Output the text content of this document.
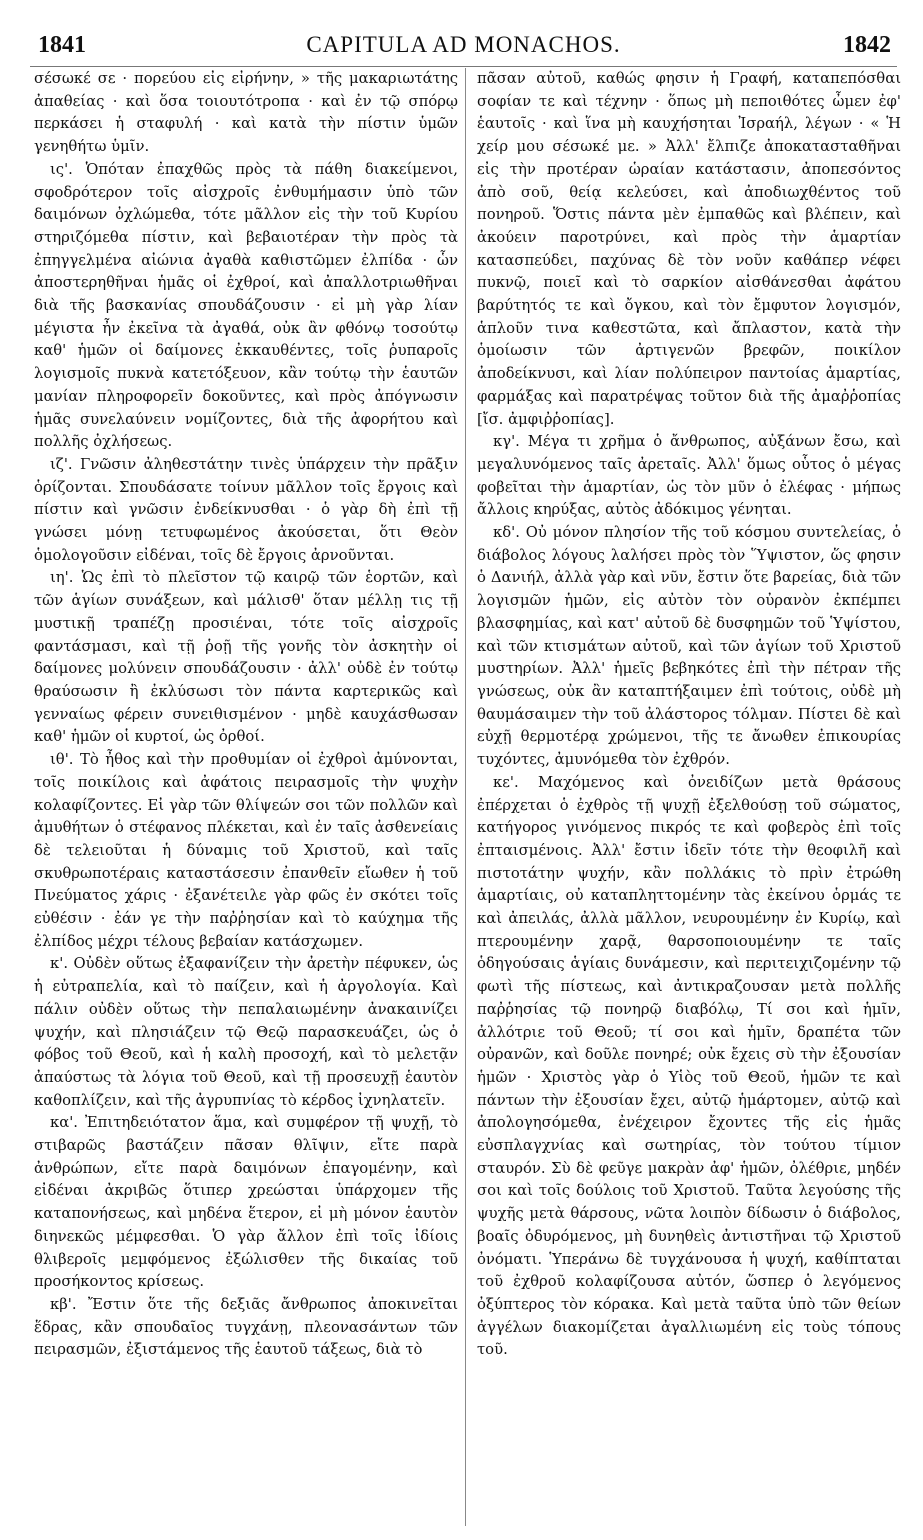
1841	CAPITULA AD MONACHOS.	1842

σέσωκέ σε · πορεύου εἰς εἰρήνην, » τῆς μακαριωτάτης ἀπαθείας · καὶ ὅσα τοιουτότροπα · καὶ ἐν τῷ σπόρῳ περκάσει ἡ σταφυλή · καὶ κατὰ τὴν πίστιν ὑμῶν γενηθήτω ὑμῖν.

ις'. Ὁπόταν ἐπαχθῶς πρὸς τὰ πάθη διακείμενοι, σφοδρότερον τοῖς αἰσχροῖς ἐνθυμήμασιν ὑπὸ τῶν δαιμόνων ὀχλώμεθα, τότε μᾶλλον εἰς τὴν τοῦ Κυρίου στηριζόμεθα πίστιν, καὶ βεβαιοτέραν τὴν πρὸς τὰ ἐπηγγελμένα αἰώνια ἀγαθὰ καθιστῶμεν ἐλπίδα · ὧν ἀποστερηθῆναι ἡμᾶς οἱ ἐχθροί, καὶ ἀπαλλοτριωθῆναι διὰ τῆς βασκανίας σπουδάζουσιν · εἰ μὴ γὰρ λίαν μέγιστα ἦν ἐκεῖνα τὰ ἀγαθά, οὐκ ἂν φθόνῳ τοσούτῳ καθ' ἡμῶν οἱ δαίμονες ἐκκαυθέντες, τοῖς ῥυπαροῖς λογισμοῖς πυκνὰ κατετόξευον, κἂν τούτῳ τὴν ἑαυτῶν μανίαν πληροφορεῖν δοκοῦντες, καὶ πρὸς ἀπόγνωσιν ἡμᾶς συνελαύνειν νομίζοντες, διὰ τῆς ἀφορήτου καὶ πολλῆς ὀχλήσεως.

ιζ'. Γνῶσιν ἀληθεστάτην τινὲς ὑπάρχειν τὴν πρᾶξιν ὁρίζονται. Σπουδάσατε τοίνυν μᾶλλον τοῖς ἔργοις καὶ πίστιν καὶ γνῶσιν ἐνδείκνυσθαι · ὁ γὰρ δὴ ἐπὶ τῇ γνώσει μόνῃ τετυφωμένος ἀκούσεται, ὅτι Θεὸν ὁμολογοῦσιν εἰδέναι, τοῖς δὲ ἔργοις ἀρνοῦνται.

ιη'. Ὡς ἐπὶ τὸ πλεῖστον τῷ καιρῷ τῶν ἑορτῶν, καὶ τῶν ἁγίων συνάξεων, καὶ μάλισθ' ὅταν μέλλῃ τις τῇ μυστικῇ τραπέζῃ προσιέναι, τότε τοῖς αἰσχροῖς φαντάσμασι, καὶ τῇ ῥοῇ τῆς γονῆς τὸν ἀσκητὴν οἱ δαίμονες μολύνειν σπουδάζουσιν · ἀλλ' οὐδὲ ἐν τούτῳ θραύσωσιν ἢ ἐκλύσωσι τὸν πάντα καρτερικῶς καὶ γενναίως φέρειν συνειθισμένον · μηδὲ καυχάσθωσαν καθ' ἡμῶν οἱ κυρτοί, ὡς ὀρθοί.

ιθ'. Τὸ ἦθος καὶ τὴν προθυμίαν οἱ ἐχθροὶ ἀμύνονται, τοῖς ποικίλοις καὶ ἀφάτοις πειρασμοῖς τὴν ψυχὴν κολαφίζοντες. Εἰ γὰρ τῶν θλίψεών σοι τῶν πολλῶν καὶ ἀμυθήτων ὁ στέφανος πλέκεται, καὶ ἐν ταῖς ἀσθενείαις δὲ τελειοῦται ἡ δύναμις τοῦ Χριστοῦ, καὶ ταῖς σκυθρωποτέραις καταστάσεσιν ἐπανθεῖν εἴωθεν ἡ τοῦ Πνεύματος χάρις · ἐξανέτειλε γὰρ φῶς ἐν σκότει τοῖς εὐθέσιν · ἐάν γε τὴν παῤῥησίαν καὶ τὸ καύχημα τῆς ἐλπίδος μέχρι τέλους βεβαίαν κατάσχωμεν.

κ'. Οὐδὲν οὕτως ἐξαφανίζειν τὴν ἀρετὴν πέφυκεν, ὡς ἡ εὐτραπελία, καὶ τὸ παίζειν, καὶ ἡ ἀργολογία. Καὶ πάλιν οὐδὲν οὕτως τὴν πεπαλαιωμένην ἀνακαινίζει ψυχήν, καὶ πλησιάζειν τῷ Θεῷ παρασκευάζει, ὡς ὁ φόβος τοῦ Θεοῦ, καὶ ἡ καλὴ προσοχή, καὶ τὸ μελετᾷν ἀπαύστως τὰ λόγια τοῦ Θεοῦ, καὶ τῇ προσευχῇ ἑαυτὸν καθοπλίζειν, καὶ τῆς ἀγρυπνίας τὸ κέρδος ἰχνηλατεῖν.

κα'. Ἐπιτηδειότατον ἅμα, καὶ συμφέρον τῇ ψυχῇ, τὸ στιβαρῶς βαστάζειν πᾶσαν θλῖψιν, εἴτε παρὰ ἀνθρώπων, εἴτε παρὰ δαιμόνων ἐπαγομένην, καὶ εἰδέναι ἀκριβῶς ὅτιπερ χρεώσται ὑπάρχομεν τῆς καταπονήσεως, καὶ μηδένα ἕτερον, εἰ μὴ μόνον ἑαυτὸν διηνεκῶς μέμφεσθαι. Ὁ γὰρ ἄλλον ἐπὶ τοῖς ἰδίοις θλιβεροῖς μεμφόμενος ἐξώλισθεν τῆς δικαίας τοῦ προσήκοντος κρίσεως.

κβ'. Ἔστιν ὅτε τῆς δεξιᾶς ἄνθρωπος ἀποκινεῖται ἕδρας, κἂν σπουδαῖος τυγχάνῃ, πλεονασάντων τῶν πειρασμῶν, ἐξιστάμενος τῆς ἑαυτοῦ τάξεως, διὰ τὸ

πᾶσαν αὐτοῦ, καθώς φησιν ἡ Γραφή, καταπεπόσθαι σοφίαν τε καὶ τέχνην · ὅπως μὴ πεποιθότες ὦμεν ἐφ' ἑαυτοῖς · καὶ ἵνα μὴ καυχήσηται Ἰσραήλ, λέγων · « Ἡ χείρ μου σέσωκέ με. » Ἀλλ' ἔλπιζε ἀποκατασταθῆναι εἰς τὴν προτέραν ὡραίαν κατάστασιν, ἀποπεσόντος ἀπὸ σοῦ, θείᾳ κελεύσει, καὶ ἀποδιωχθέντος τοῦ πονηροῦ. Ὅστις πάντα μὲν ἐμπαθῶς καὶ βλέπειν, καὶ ἀκούειν παροτρύνει, καὶ πρὸς τὴν ἁμαρτίαν κατασπεύδει, παχύνας δὲ τὸν νοῦν καθάπερ νέφει πυκνῷ, ποιεῖ καὶ τὸ σαρκίον αἰσθάνεσθαι ἀφάτου βαρύτητός τε καὶ ὄγκου, καὶ τὸν ἔμφυτον λογισμόν, ἁπλοῦν τινα καθεστῶτα, καὶ ἄπλαστον, κατὰ τὴν ὁμοίωσιν τῶν ἀρτιγενῶν βρεφῶν, ποικίλον ἀποδείκνυσι, καὶ λίαν πολύπειρον παντοίας ἁμαρτίας, φαρμάξας καὶ παρατρέψας τοῦτον διὰ τῆς ἀμαῤῥοπίας [ἴσ. ἀμφιῤῥοπίας].

κγ'. Μέγα τι χρῆμα ὁ ἄνθρωπος, αὐξάνων ἔσω, καὶ μεγαλυνόμενος ταῖς ἀρεταῖς. Ἀλλ' ὅμως οὗτος ὁ μέγας φοβεῖται τὴν ἁμαρτίαν, ὡς τὸν μῦν ὁ ἐλέφας · μήπως ἄλλοις κηρύξας, αὐτὸς ἀδόκιμος γένηται.

κδ'. Οὐ μόνον πλησίον τῆς τοῦ κόσμου συντελείας, ὁ διάβολος λόγους λαλήσει πρὸς τὸν Ὕψιστον, ὥς φησιν ὁ Δανιήλ, ἀλλὰ γὰρ καὶ νῦν, ἔστιν ὅτε βαρείας, διὰ τῶν λογισμῶν ἡμῶν, εἰς αὐτὸν τὸν οὐρανὸν ἐκπέμπει βλασφημίας, καὶ κατ' αὐτοῦ δὲ δυσφημῶν τοῦ Ὑψίστου, καὶ τῶν κτισμάτων αὐτοῦ, καὶ τῶν ἁγίων τοῦ Χριστοῦ μυστηρίων. Ἀλλ' ἡμεῖς βεβηκότες ἐπὶ τὴν πέτραν τῆς γνώσεως, οὐκ ἂν καταπτήξαιμεν ἐπὶ τούτοις, οὐδὲ μὴ θαυμάσαιμεν τὴν τοῦ ἀλάστορος τόλμαν. Πίστει δὲ καὶ εὐχῇ θερμοτέρᾳ χρώμενοι, τῆς τε ἄνωθεν ἐπικουρίας τυχόντες, ἀμυνόμεθα τὸν ἐχθρόν.

κε'. Μαχόμενος καὶ ὀνειδίζων μετὰ θράσους ἐπέρχεται ὁ ἐχθρὸς τῇ ψυχῇ ἐξελθούσῃ τοῦ σώματος, κατήγορος γινόμενος πικρός τε καὶ φοβερὸς ἐπὶ τοῖς ἐπταισμένοις. Ἀλλ' ἔστιν ἰδεῖν τότε τὴν θεοφιλῆ καὶ πιστοτάτην ψυχήν, κἂν πολλάκις τὸ πρὶν ἐτρώθη ἁμαρτίαις, οὐ καταπληττομένην τὰς ἐκείνου ὁρμάς τε καὶ ἀπειλάς, ἀλλὰ μᾶλλον, νευρουμένην ἐν Κυρίῳ, καὶ πτερουμένην χαρᾷ, θαρσοποιουμένην τε ταῖς ὁδηγούσαις ἁγίαις δυνάμεσιν, καὶ περιτειχιζομένην τῷ φωτὶ τῆς πίστεως, καὶ ἀντικραζουσαν μετὰ πολλῆς παῤῥησίας τῷ πονηρῷ διαβόλῳ, Τί σοι καὶ ἡμῖν, ἀλλότριε τοῦ Θεοῦ; τί σοι καὶ ἡμῖν, δραπέτα τῶν οὐρανῶν, καὶ δοῦλε πονηρέ; οὐκ ἔχεις σὺ τὴν ἐξουσίαν ἡμῶν · Χριστὸς γὰρ ὁ Υἱὸς τοῦ Θεοῦ, ἡμῶν τε καὶ πάντων τὴν ἐξουσίαν ἔχει, αὐτῷ ἡμάρτομεν, αὐτῷ καὶ ἀπολογησόμεθα, ἐνέχειρον ἔχοντες τῆς εἰς ἡμᾶς εὐσπλαγχνίας καὶ σωτηρίας, τὸν τούτου τίμιον σταυρόν. Σὺ δὲ φεῦγε μακρὰν ἀφ' ἡμῶν, ὀλέθριε, μηδέν σοι καὶ τοῖς δούλοις τοῦ Χριστοῦ. Ταῦτα λεγούσης τῆς ψυχῆς μετὰ θάρσους, νῶτα λοιπὸν δίδωσιν ὁ διάβολος, βοαῖς ὀδυρόμενος, μὴ δυνηθεὶς ἀντιστῆναι τῷ Χριστοῦ ὀνόματι. Ὑπεράνω δὲ τυγχάνουσα ἡ ψυχή, καθίπταται τοῦ ἐχθροῦ κολαφίζουσα αὐτόν, ὥσπερ ὁ λεγόμενος ὀξύπτερος τὸν κόρακα. Καὶ μετὰ ταῦτα ὑπὸ τῶν θείων ἀγγέλων διακομίζεται ἀγαλλιωμένη εἰς τοὺς τόπους τοῦ.
